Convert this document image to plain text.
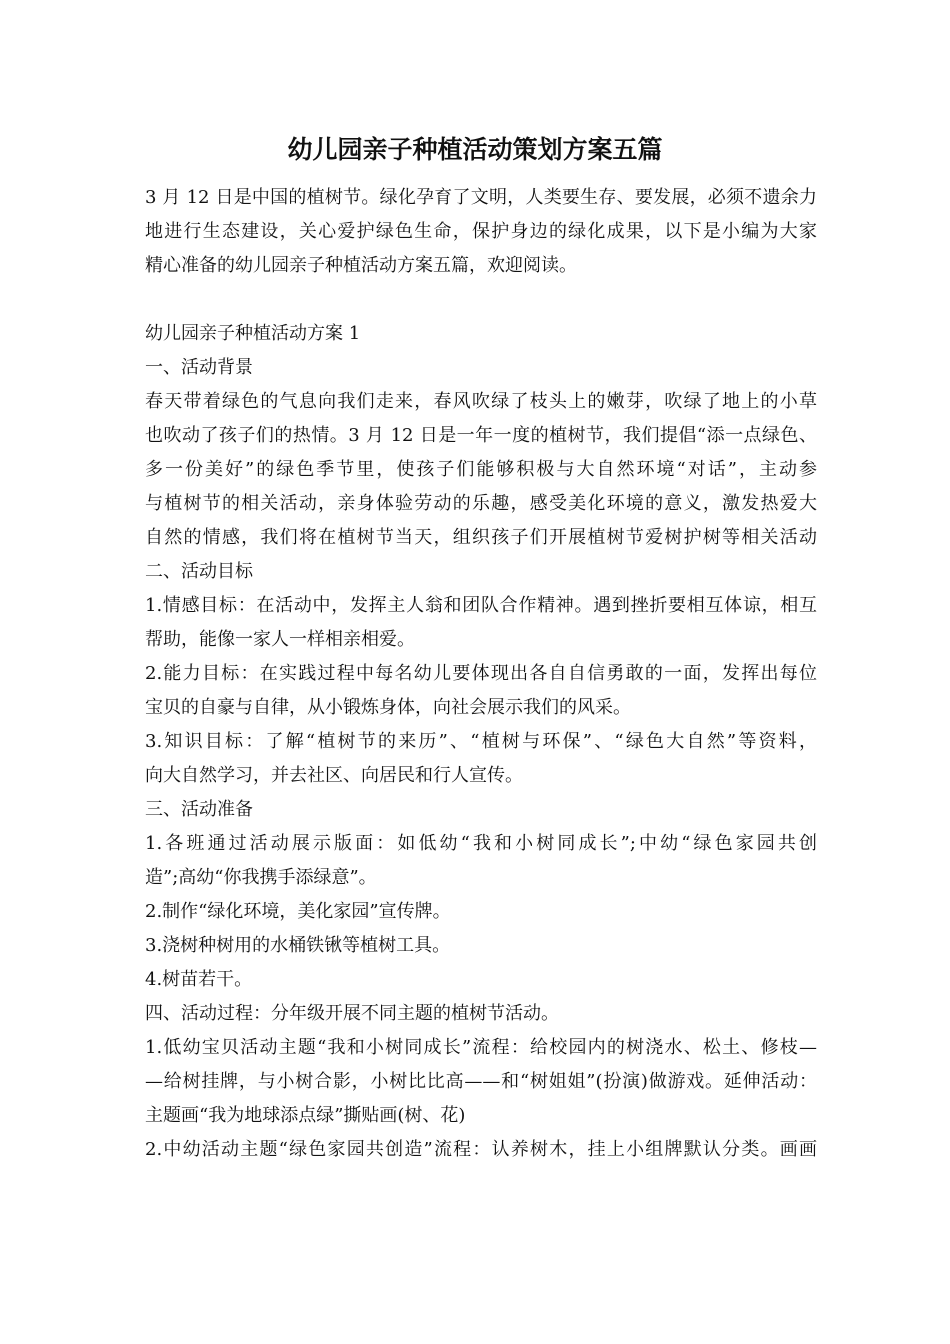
幼儿园亲子种植活动策划方案五篇
3 月 12 日是中国的植树节。绿化孕育了文明，人类要生存、要发展，必须不遗余力
地进行生态建设，关心爱护绿色生命，保护身边的绿化成果，以下是小编为大家
精心准备的幼儿园亲子种植活动方案五篇，欢迎阅读。
幼儿园亲子种植活动方案 1
一、活动背景
春天带着绿色的气息向我们走来，春风吹绿了枝头上的嫩芽，吹绿了地上的小草
也吹动了孩子们的热情。3 月 12 日是一年一度的植树节，我们提倡“添一点绿色、
多一份美好”的绿色季节里，使孩子们能够积极与大自然环境“对话”，主动参
与植树节的相关活动，亲身体验劳动的乐趣，感受美化环境的意义，激发热爱大
自然的情感，我们将在植树节当天，组织孩子们开展植树节爱树护树等相关活动
二、活动目标
1.情感目标：在活动中，发挥主人翁和团队合作精神。遇到挫折要相互体谅，相互
帮助，能像一家人一样相亲相爱。
2.能力目标：在实践过程中每名幼儿要体现出各自自信勇敢的一面，发挥出每位
宝贝的自豪与自律，从小锻炼身体，向社会展示我们的风采。
3.知识目标：了解“植树节的来历”、“植树与环保”、“绿色大自然”等资料，
向大自然学习，并去社区、向居民和行人宣传。
三、活动准备
1.各班通过活动展示版面：如低幼“我和小树同成长”;中幼“绿色家园共创
造”;高幼“你我携手添绿意”。
2.制作“绿化环境，美化家园”宣传牌。
3.浇树种树用的水桶铁锹等植树工具。
4.树苗若干。
四、活动过程：分年级开展不同主题的植树节活动。
1.低幼宝贝活动主题“我和小树同成长”流程：给校园内的树浇水、松土、修枝—
—给树挂牌，与小树合影，小树比比高——和“树姐姐”(扮演)做游戏。延伸活动：
主题画“我为地球添点绿”撕贴画(树、花)
2.中幼活动主题“绿色家园共创造”流程：认养树木，挂上小组牌默认分类。画画
